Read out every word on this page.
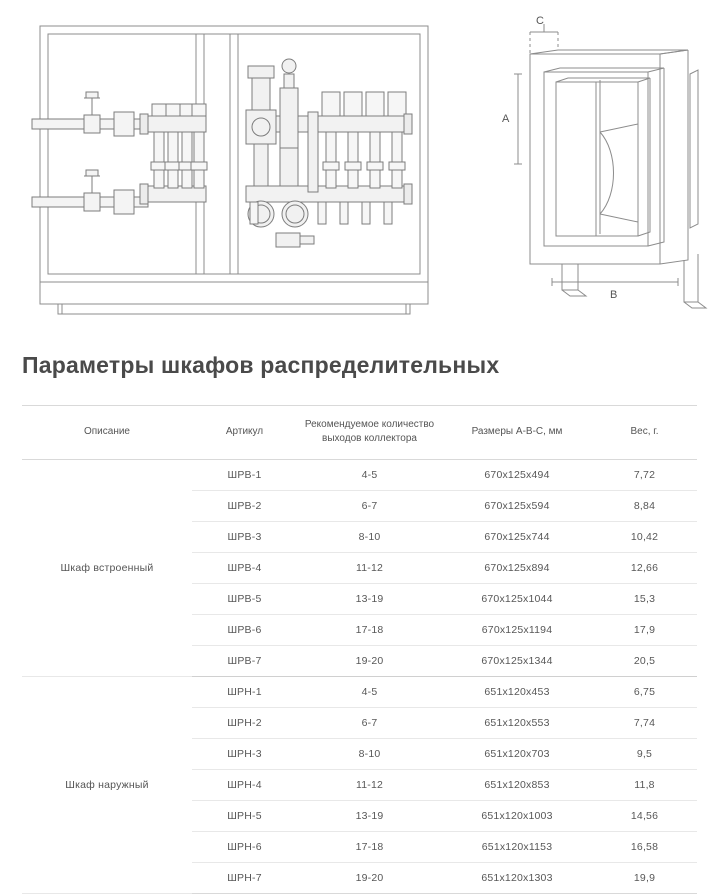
C
A
B
Параметры шкафов распределительных
Описание	Артикул	Рекомендуемое количество выходов коллектора	Размеры А-В-С, мм	Вес, г.
Шкаф встроенный	ШРВ-1	4-5	670х125х494	7,72
	ШРВ-2	6-7	670х125х594	8,84
	ШРВ-3	8-10	670х125х744	10,42
	ШРВ-4	11-12	670х125х894	12,66
	ШРВ-5	13-19	670х125х1044	15,3
	ШРВ-6	17-18	670х125х1194	17,9
	ШРВ-7	19-20	670х125х1344	20,5
Шкаф наружный	ШРН-1	4-5	651х120х453	6,75
	ШРН-2	6-7	651х120х553	7,74
	ШРН-3	8-10	651х120х703	9,5
	ШРН-4	11-12	651х120х853	11,8
	ШРН-5	13-19	651х120х1003	14,56
	ШРН-6	17-18	651х120х1153	16,58
	ШРН-7	19-20	651х120х1303	19,9
